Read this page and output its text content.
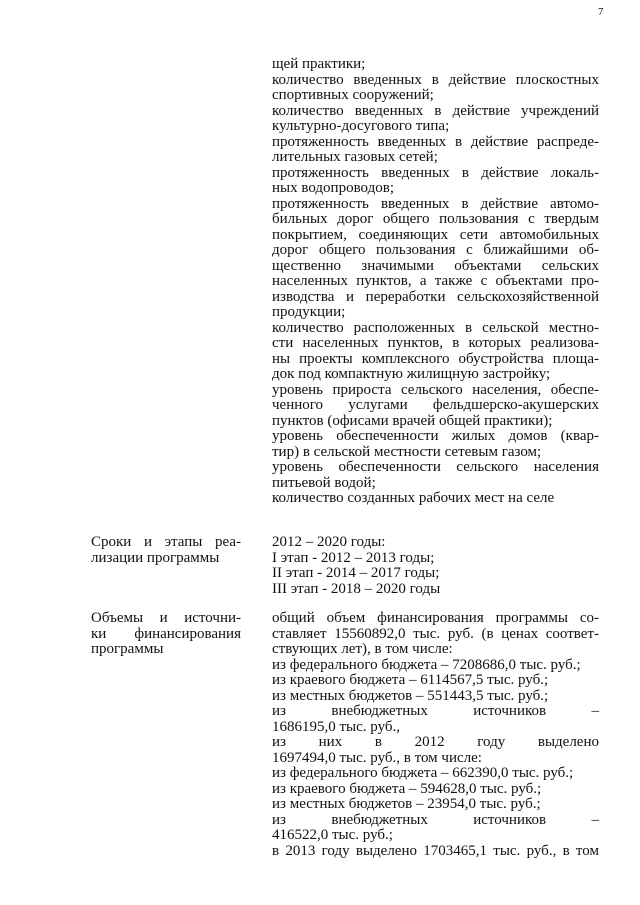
7
щей практики;
количество введенных в действие плоскостных
спортивных сооружений;
количество введенных в действие учреждений
культурно-досугового типа;
протяженность введенных в действие распреде-
лительных газовых сетей;
протяженность введенных в действие локаль-
ных водопроводов;
протяженность введенных в действие автомо-
бильных дорог общего пользования с твердым
покрытием, соединяющих сети автомобильных
дорог общего пользования с ближайшими об-
щественно значимыми объектами сельских
населенных пунктов, а также с объектами про-
изводства и переработки сельскохозяйственной
продукции;
количество расположенных в сельской местно-
сти населенных пунктов, в которых реализова-
ны проекты комплексного обустройства площа-
док под компактную жилищную застройку;
уровень прироста сельского населения, обеспе-
ченного услугами фельдшерско-акушерских
пунктов (офисами врачей общей практики);
уровень обеспеченности жилых домов (квар-
тир) в сельской местности сетевым газом;
уровень обеспеченности сельского населения
питьевой водой;
количество созданных рабочих мест на селе
Сроки и этапы реа-
лизации программы
2012 – 2020 годы:
I этап - 2012 – 2013 годы;
II этап - 2014 – 2017 годы;
III этап - 2018 – 2020 годы
Объемы и источни-
ки финансирования
программы
общий объем финансирования программы со-
ставляет 15560892,0 тыс. руб. (в ценах соответ-
ствующих лет), в том числе:
из федерального бюджета – 7208686,0 тыс. руб.;
из краевого бюджета – 6114567,5 тыс. руб.;
из местных бюджетов – 551443,5 тыс. руб.;
из внебюджетных источников –
1686195,0 тыс. руб.,
из них в 2012 году выделено
1697494,0 тыс. руб., в том числе:
из федерального бюджета – 662390,0 тыс. руб.;
из краевого бюджета – 594628,0 тыс. руб.;
из местных бюджетов – 23954,0 тыс. руб.;
из внебюджетных источников –
416522,0 тыс. руб.;
в 2013 году выделено 1703465,1 тыс. руб., в том
